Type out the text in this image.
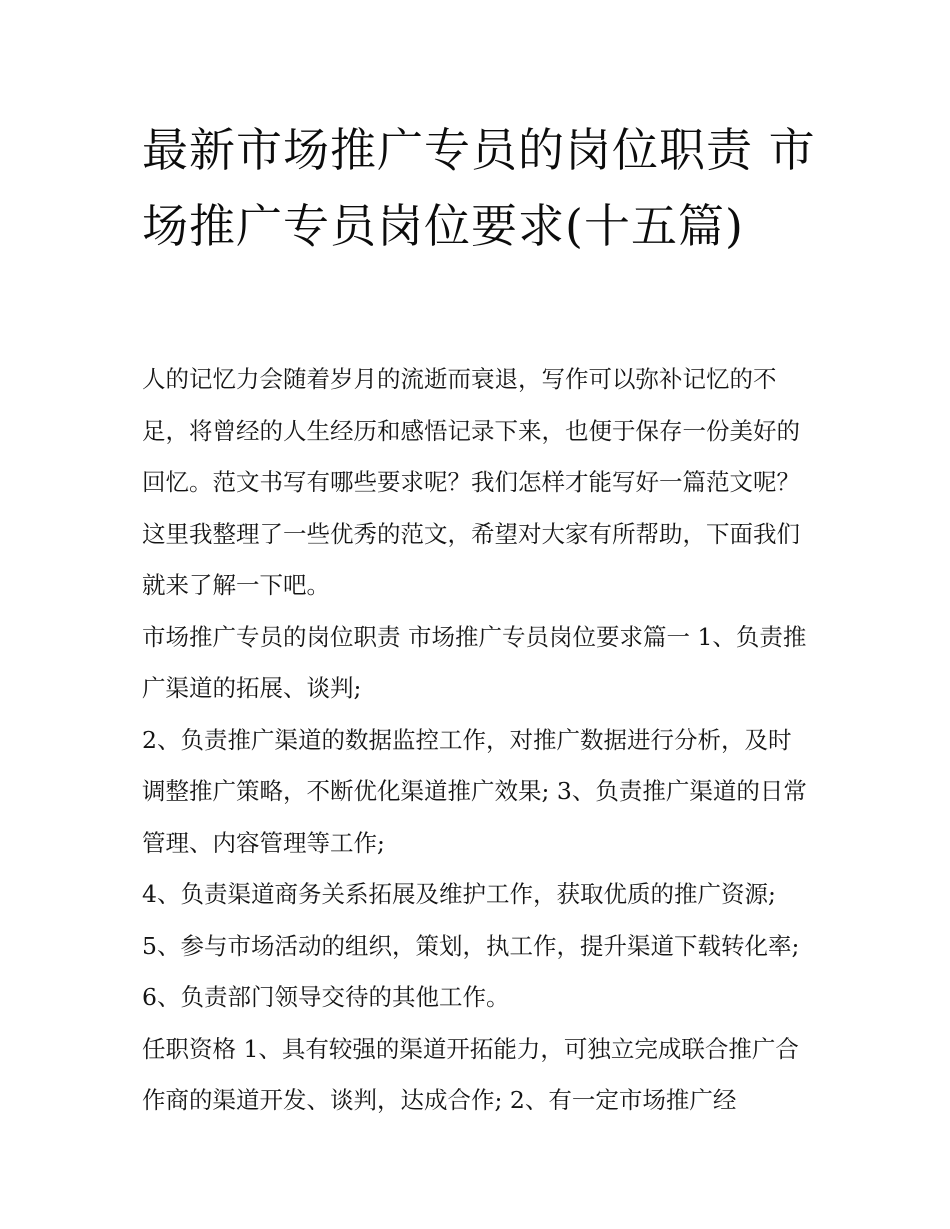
最新市场推广专员的岗位职责 市场推广专员岗位要求(十五篇)

人的记忆力会随着岁月的流逝而衰退，写作可以弥补记忆的不足，将曾经的人生经历和感悟记录下来，也便于保存一份美好的回忆。范文书写有哪些要求呢？我们怎样才能写好一篇范文呢？这里我整理了一些优秀的范文，希望对大家有所帮助，下面我们就来了解一下吧。

市场推广专员的岗位职责 市场推广专员岗位要求篇一 1、负责推广渠道的拓展、谈判;

2、负责推广渠道的数据监控工作，对推广数据进行分析，及时调整推广策略，不断优化渠道推广效果; 3、负责推广渠道的日常管理、内容管理等工作;

4、负责渠道商务关系拓展及维护工作，获取优质的推广资源; 5、参与市场活动的组织，策划，执工作，提升渠道下载转化率; 6、负责部门领导交待的其他工作。

任职资格 1、具有较强的渠道开拓能力，可独立完成联合推广合作商的渠道开发、谈判，达成合作; 2、有一定市场推广经
